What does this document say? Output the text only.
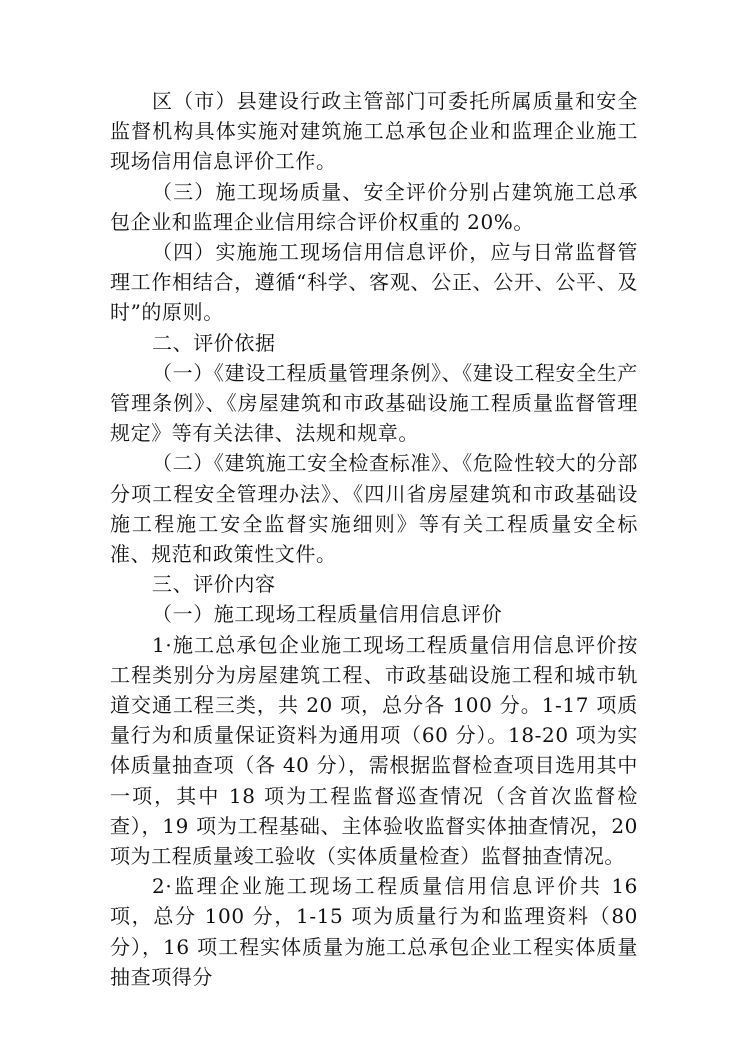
区（市）县建设行政主管部门可委托所属质量和安全监督机构具体实施对建筑施工总承包企业和监理企业施工现场信用信息评价工作。

（三）施工现场质量、安全评价分别占建筑施工总承包企业和监理企业信用综合评价权重的 20%。

（四）实施施工现场信用信息评价，应与日常监督管理工作相结合，遵循“科学、客观、公正、公开、公平、及时”的原则。

二、评价依据

（一）《建设工程质量管理条例》、《建设工程安全生产管理条例》、《房屋建筑和市政基础设施工程质量监督管理规定》等有关法律、法规和规章。

（二）《建筑施工安全检查标准》、《危险性较大的分部分项工程安全管理办法》、《四川省房屋建筑和市政基础设施工程施工安全监督实施细则》等有关工程质量安全标准、规范和政策性文件。

三、评价内容

（一）施工现场工程质量信用信息评价

1·施工总承包企业施工现场工程质量信用信息评价按工程类别分为房屋建筑工程、市政基础设施工程和城市轨道交通工程三类，共 20 项，总分各 100 分。1-17 项质量行为和质量保证资料为通用项（60 分）。18-20 项为实体质量抽查项（各 40 分），需根据监督检查项目选用其中一项，其中 18 项为工程监督巡查情况（含首次监督检查），19 项为工程基础、主体验收监督实体抽查情况，20 项为工程质量竣工验收（实体质量检查）监督抽查情况。

2·监理企业施工现场工程质量信用信息评价共 16 项，总分 100 分，1-15 项为质量行为和监理资料（80 分），16 项工程实体质量为施工总承包企业工程实体质量抽查项得分
